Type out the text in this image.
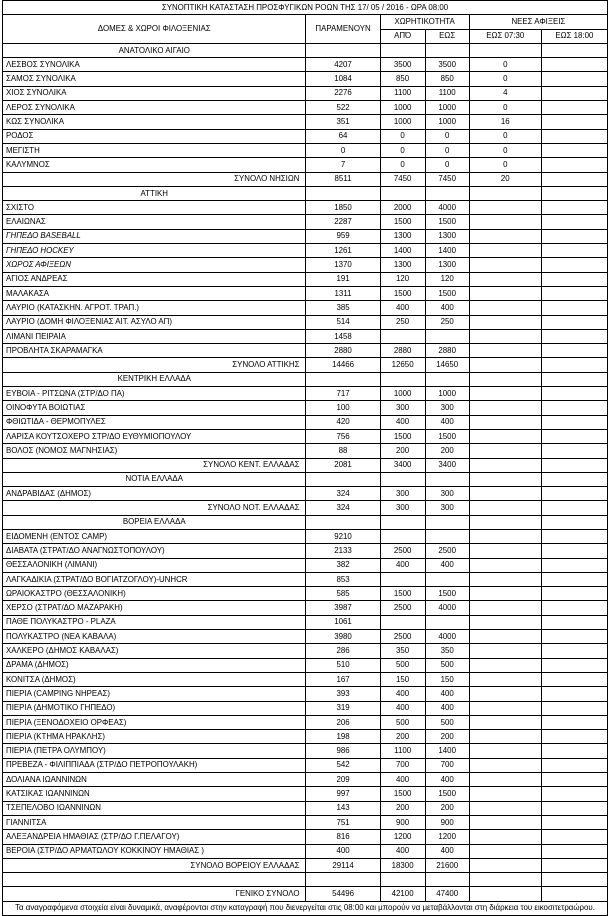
ΣΥΝΟΠΤΙΚΗ ΚΑΤΑΣΤΑΣΗ ΠΡΟΣΦΥΓΙΚΩΝ ΡΟΩΝ ΤΗΣ 17/ 05 / 2016 - ΩΡΑ 08:00					
ΔΟΜΕΣ & ΧΩΡΟΙ ΦΙΛΟΞΕΝΙΑΣ	ΠΑΡΑΜΕΝΟΥΝ	ΧΩΡΗΤΙΚΟΤΗΤΑ		ΝΕΕΣ ΑΦΙΞΕΙΣ	
		ΑΠΌ	ΕΩΣ	ΕΩΣ 07:30	ΕΩΣ 18:00
ΑΝΑΤΟΛΙΚΟ ΑΙΓΑΙΟ					
ΛΕΣΒΟΣ ΣΥΝΟΛΙΚΑ	4207	3500	3500	0	
ΣΑΜΟΣ ΣΥΝΟΛΙΚΑ	1084	850	850	0	
ΧΙΟΣ ΣΥΝΟΛΙΚΑ	2276	1100	1100	4	
ΛΕΡΟΣ ΣΥΝΟΛΙΚΑ	522	1000	1000	0	
ΚΩΣ ΣΥΝΟΛΙΚΑ	351	1000	1000	16	
ΡΟΔΟΣ	64	0	0	0	
ΜΕΓΙΣΤΗ	0	0	0	0	
ΚΑΛΥΜΝΟΣ	7	0	0	0	
ΣΥΝΟΛΟ ΝΗΣΙΩΝ	8511	7450	7450	20	
ΑΤΤΙΚΗ					
ΣΧΙΣΤΟ	1850	2000	4000		
ΕΛΑΙΩΝΑΣ	2287	1500	1500		
ΓΗΠΕΔΟ BASEBALL	959	1300	1300		
ΓΗΠΕΔΟ HOCKEY	1261	1400	1400		
ΧΩΡΟΣ ΑΦΙΞΕΩΝ	1370	1300	1300		
ΑΓΙΟΣ ΑΝΔΡΕΑΣ	191	120	120		
ΜΑΛΑΚΑΣΑ	1311	1500	1500		
ΛΑΥΡΙΟ (ΚΑΤΑΣΚΗΝ. ΑΓΡΟΤ. ΤΡΑΠ.)	385	400	400		
ΛΑΥΡΙΟ (ΔΟΜΗ ΦΙΛΟΞΕΝΙΑΣ ΑΙΤ. ΑΣΥΛΟ ΑΠ)	514	250	250		
ΛΙΜΑΝΙ ΠΕΙΡΑΙΑ	1458				
ΠΡΟΒΛΗΤΑ ΣΚΑΡΑΜΑΓΚΑ	2880	2880	2880		
ΣΥΝΟΛΟ ΑΤΤΙΚΗΣ	14466	12650	14650		
ΚΕΝΤΡΙΚΗ ΕΛΛΑΔΑ					
ΕΥΒΟΙΑ - ΡΙΤΣΩΝΑ (ΣΤΡ/ΔΟ ΠΑ)	717	1000	1000		
ΟΙΝΟΦΥΤΑ ΒΟΙΩΤΙΑΣ	100	300	300		
ΦΘΙΩΤΙΔΑ - ΘΕΡΜΟΠΥΛΕΣ	420	400	400		
ΛΑΡΙΣΑ ΚΟΥΤΣΟΧΕΡΟ ΣΤΡ/ΔΟ ΕΥΘΥΜΙΟΠΟΥΛΟΥ	756	1500	1500		
ΒΟΛΟΣ (ΝΟΜΟΣ ΜΑΓΝΗΣΙΑΣ)	88	200	200		
ΣΥΝΟΛΟ ΚΕΝΤ. ΕΛΛΑΔΑΣ	2081	3400	3400		
ΝΟΤΙΑ ΕΛΛΑΔΑ					
ΑΝΔΡΑΒΙΔΑΣ (ΔΗΜΟΣ)	324	300	300		
ΣΥΝΟΛΟ ΝΟΤ. ΕΛΛΑΔΑΣ	324	300	300		
ΒΟΡΕΙΑ ΕΛΛΑΔΑ					
ΕΙΔΟΜΕΝΗ (ΕΝΤΟΣ CAMP)	9210				
ΔΙΑΒΑΤΑ (ΣΤΡΑΤ/ΔΟ ΑΝΑΓΝΩΣΤΟΠΟΥΛΟΥ)	2133	2500	2500		
ΘΕΣΣΑΛΟΝΙΚΗ (ΛΙΜΑΝΙ)	382	400	400		
ΛΑΓΚΑΔΙΚΙΑ (ΣΤΡΑΤ/ΔΟ ΒΟΓΙΑΤΖΟΓΛΟΥ)-UNHCR	853				
ΩΡΑΙΟΚΑΣΤΡΟ (ΘΕΣΣΑΛΟΝΙΚΗ)	585	1500	1500		
ΧΕΡΣΟ (ΣΤΡΑΤ/ΔΟ ΜΑΖΑΡΑΚΗ)	3987	2500	4000		
ΠΑΘΕ ΠΟΛΥΚΑΣΤΡΟ - PLAZA	1061				
ΠΟΛΥΚΑΣΤΡΟ (ΝΕΑ ΚΑΒΑΛΑ)	3980	2500	4000		
ΧΑΛΚΕΡΟ (ΔΗΜΟΣ ΚΑΒΑΛΑΣ)	286	350	350		
ΔΡΑΜΑ (ΔΗΜΟΣ)	510	500	500		
ΚΟΝΙΤΣΑ (ΔΗΜΟΣ)	167	150	150		
ΠΙΕΡΙΑ (CAMPING ΝΗΡΕΑΣ)	393	400	400		
ΠΙΕΡΙΑ (ΔΗΜΟΤΙΚΟ ΓΗΠΕΔΟ)	319	400	400		
ΠΙΕΡΙΑ (ΞΕΝΟΔΟΧΕΙΟ ΟΡΦΕΑΣ)	206	500	500		
ΠΙΕΡΙΑ (ΚΤΗΜΑ ΗΡΑΚΛΗΣ)	198	200	200		
ΠΙΕΡΙΑ (ΠΕΤΡΑ ΟΛΥΜΠΟΥ)	986	1100	1400		
ΠΡΕΒΕΖΑ - ΦΙΛΙΠΠΙΑΔΑ (ΣΤΡ/ΔΟ ΠΕΤΡΟΠΟΥΛΑΚΗ)	542	700	700		
ΔΟΛΙΑΝΑ ΙΩΑΝΝΙΝΩΝ	209	400	400		
ΚΑΤΣΙΚΑΣ ΙΩΑΝΝΙΝΩΝ	997	1500	1500		
ΤΣΕΠΕΛΟΒΟ ΙΩΑΝΝΙΝΩΝ	143	200	200		
ΓΙΑΝΝΙΤΣΑ	751	900	900		
ΑΛΕΞΑΝΔΡΕΙΑ ΗΜΑΘΙΑΣ (ΣΤΡ/ΔΟ Γ.ΠΕΛΑΓΟΥ)	816	1200	1200		
ΒΕΡΟΙΑ (ΣΤΡ/ΔΟ ΑΡΜΑΤΩΛΟΥ ΚΟΚΚΙΝΟΥ ΗΜΑΘΙΑΣ )	400	400	400		
ΣΥΝΟΛΟ ΒΟΡΕΙΟΥ ΕΛΛΑΔΑΣ	29114	18300	21600		

ΓΕΝΙΚΟ ΣΥΝΟΛΟ	54496	42100	47400		
Τα αναγραφόμενα στοιχεία είναι δυναμικά, αναφέρονται στην καταγραφή που διενεργείται στις 08:00 και μπορούν να μεταβάλλονται στη διάρκεια του εικοσιτετραώρου.					
